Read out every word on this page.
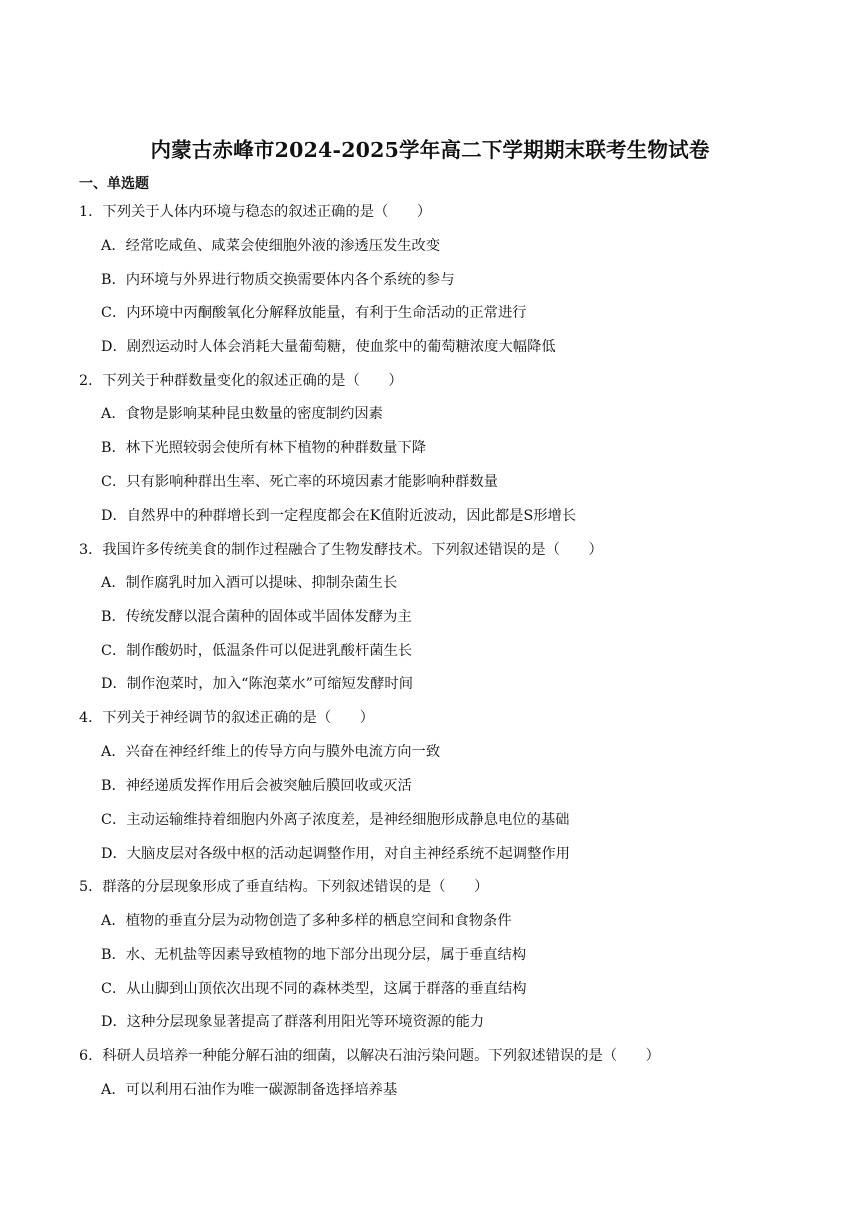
内蒙古赤峰市2024-2025学年高二下学期期末联考生物试卷
一、单选题
1．下列关于人体内环境与稳态的叙述正确的是（　　）
A．经常吃咸鱼、咸菜会使细胞外液的渗透压发生改变
B．内环境与外界进行物质交换需要体内各个系统的参与
C．内环境中丙酮酸氧化分解释放能量，有利于生命活动的正常进行
D．剧烈运动时人体会消耗大量葡萄糖，使血浆中的葡萄糖浓度大幅降低
2．下列关于种群数量变化的叙述正确的是（　　）
A．食物是影响某种昆虫数量的密度制约因素
B．林下光照较弱会使所有林下植物的种群数量下降
C．只有影响种群出生率、死亡率的环境因素才能影响种群数量
D．自然界中的种群增长到一定程度都会在K值附近波动，因此都是S形增长
3．我国许多传统美食的制作过程融合了生物发酵技术。下列叙述错误的是（　　）
A．制作腐乳时加入酒可以提味、抑制杂菌生长
B．传统发酵以混合菌种的固体或半固体发酵为主
C．制作酸奶时，低温条件可以促进乳酸杆菌生长
D．制作泡菜时，加入“陈泡菜水”可缩短发酵时间
4．下列关于神经调节的叙述正确的是（　　）
A．兴奋在神经纤维上的传导方向与膜外电流方向一致
B．神经递质发挥作用后会被突触后膜回收或灭活
C．主动运输维持着细胞内外离子浓度差，是神经细胞形成静息电位的基础
D．大脑皮层对各级中枢的活动起调整作用，对自主神经系统不起调整作用
5．群落的分层现象形成了垂直结构。下列叙述错误的是（　　）
A．植物的垂直分层为动物创造了多种多样的栖息空间和食物条件
B．水、无机盐等因素导致植物的地下部分出现分层，属于垂直结构
C．从山脚到山顶依次出现不同的森林类型，这属于群落的垂直结构
D．这种分层现象显著提高了群落利用阳光等环境资源的能力
6．科研人员培养一种能分解石油的细菌，以解决石油污染问题。下列叙述错误的是（　　）
A．可以利用石油作为唯一碳源制备选择培养基
